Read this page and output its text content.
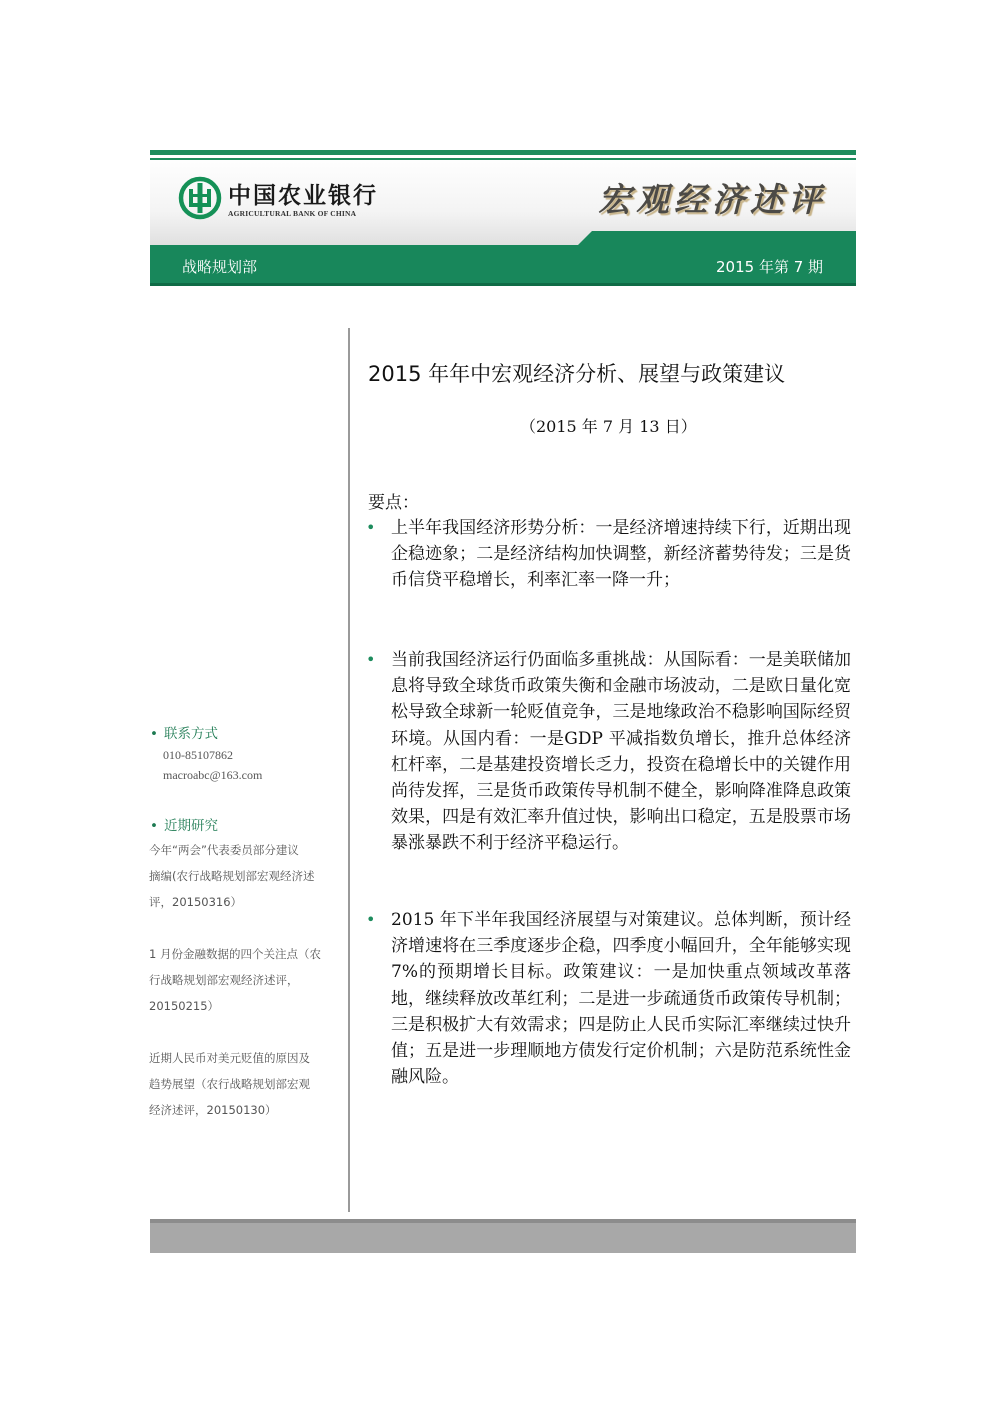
中国农业银行
AGRICULTURAL BANK OF CHINA	宏观经济述评
战略规划部	2015 年第 7 期
• 联系方式
010-85107862
macroabc@163.com
• 近期研究
今年“两会”代表委员部分建议
摘编(农行战略规划部宏观经济述
评，20150316）
1 月份金融数据的四个关注点（农
行战略规划部宏观经济述评，
20150215）
近期人民币对美元贬值的原因及
趋势展望（农行战略规划部宏观
经济述评，20150130）
2015 年年中宏观经济分析、展望与政策建议
（2015 年 7 月 13 日）
要点：
• 上半年我国经济形势分析：一是经济增速持续下行，近期出现企稳迹象；二是经济结构加快调整，新经济蓄势待发；三是货币信贷平稳增长，利率汇率一降一升；
• 当前我国经济运行仍面临多重挑战：从国际看：一是美联储加息将导致全球货币政策失衡和金融市场波动，二是欧日量化宽松导致全球新一轮贬值竞争，三是地缘政治不稳影响国际经贸环境。从国内看：一是GDP 平减指数负增长，推升总体经济杠杆率，二是基建投资增长乏力，投资在稳增长中的关键作用尚待发挥，三是货币政策传导机制不健全，影响降准降息政策效果，四是有效汇率升值过快，影响出口稳定，五是股票市场暴涨暴跌不利于经济平稳运行。
• 2015 年下半年我国经济展望与对策建议。总体判断，预计经济增速将在三季度逐步企稳，四季度小幅回升，全年能够实现 7%的预期增长目标。政策建议：一是加快重点领域改革落地，继续释放改革红利；二是进一步疏通货币政策传导机制；三是积极扩大有效需求；四是防止人民币实际汇率继续过快升值；五是进一步理顺地方债发行定价机制；六是防范系统性金融风险。
